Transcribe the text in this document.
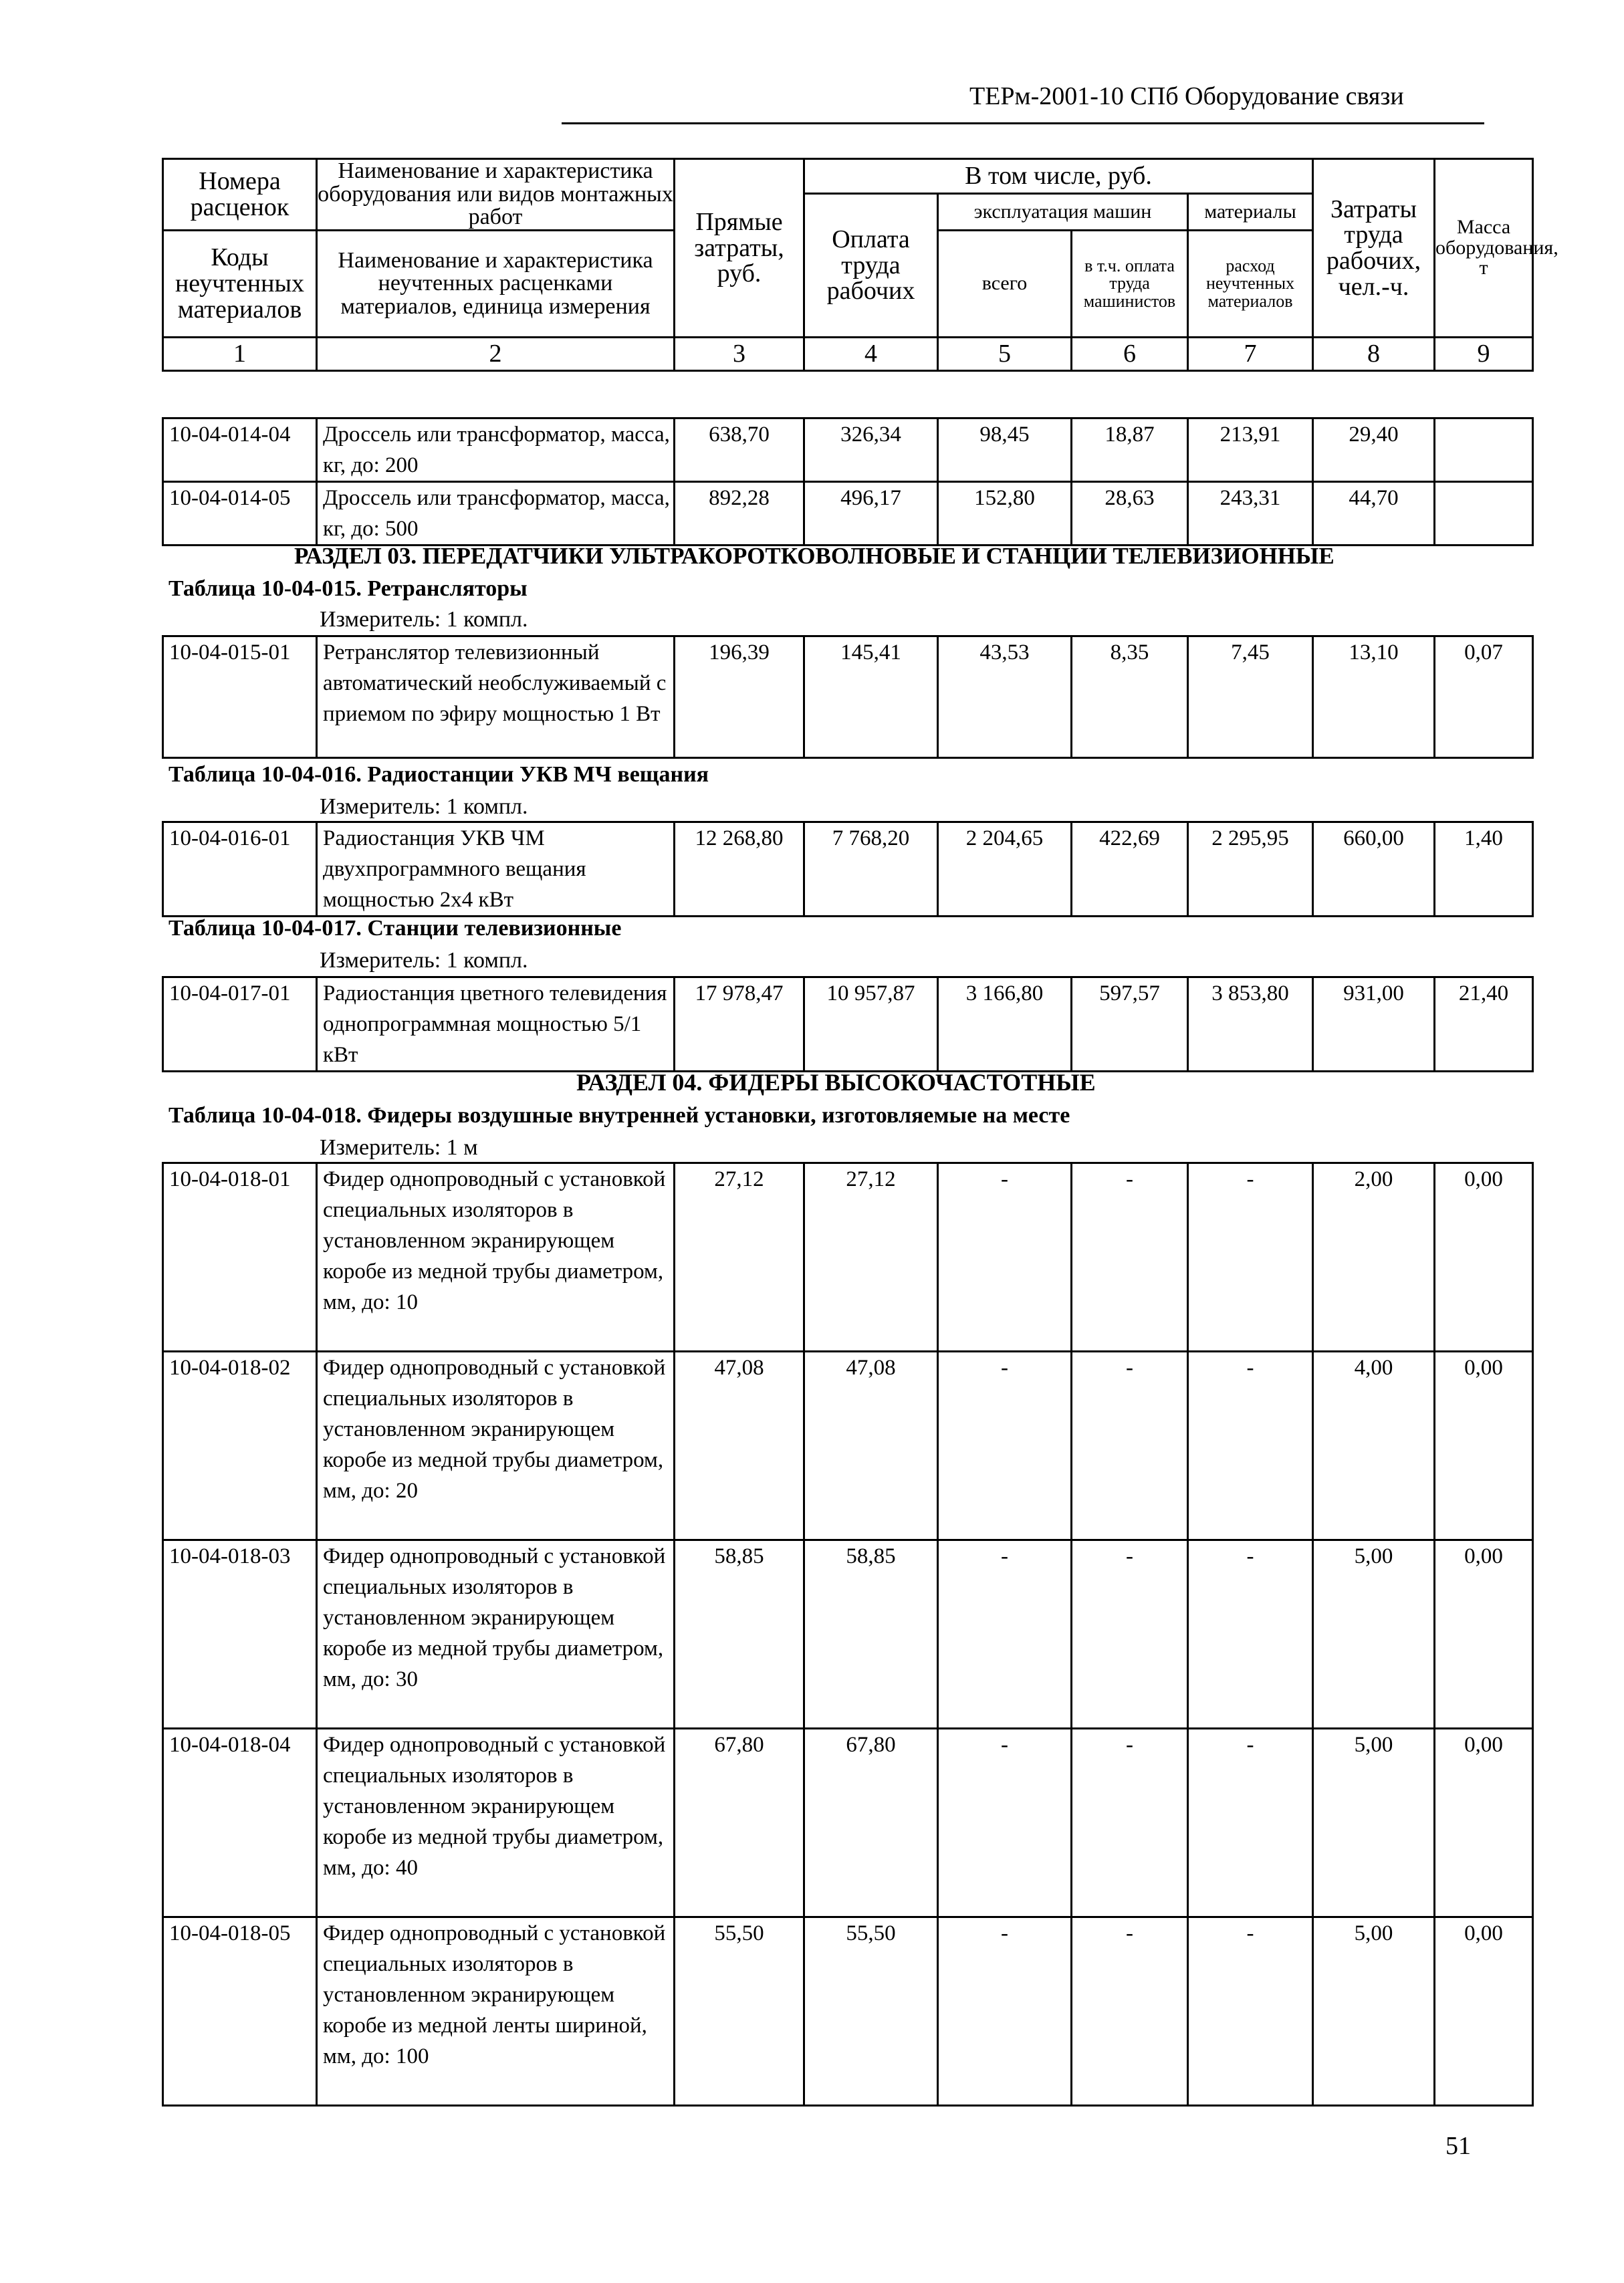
ТЕРм-2001-10 СПб Оборудование связи
Номера расценок	Наименование и характеристика оборудования или видов монтажных работ	Прямые затраты, руб.	В том числе, руб.				Затраты труда рабочих, чел.-ч.	Масса оборудования, т
			Оплата труда рабочих	эксплуатация машин		материалы		
Коды неучтенных материалов	Наименование и характеристика неучтенных расценками материалов, единица измерения			всего	в т.ч. оплата труда машинистов	расход неучтенных материалов		

1	2	3	4	5	6	7	8	9
10-04-014-04	Дроссель или трансформатор, масса, кг, до: 200	638,70	326,34	98,45	18,87	213,91	29,40	
10-04-014-05	Дроссель или трансформатор, масса, кг, до: 500	892,28	496,17	152,80	28,63	243,31	44,70	
РАЗДЕЛ 03. ПЕРЕДАТЧИКИ УЛЬТРАКОРОТКОВОЛНОВЫЕ И СТАНЦИИ ТЕЛЕВИЗИОННЫЕ
Таблица 10-04-015. Ретрансляторы
Измеритель: 1 компл.
10-04-015-01	Ретранслятор телевизионный автоматический необслуживаемый с приемом по эфиру мощностью 1 Вт	196,39	145,41	43,53	8,35	7,45	13,10	0,07
Таблица 10-04-016. Радиостанции УКВ МЧ вещания
Измеритель: 1 компл.
10-04-016-01	Радиостанция УКВ ЧМ двухпрограммного вещания мощностью 2х4 кВт	12 268,80	7 768,20	2 204,65	422,69	2 295,95	660,00	1,40
Таблица 10-04-017. Станции телевизионные
Измеритель: 1 компл.
10-04-017-01	Радиостанция цветного телевидения однопрограммная мощностью 5/1 кВт	17 978,47	10 957,87	3 166,80	597,57	3 853,80	931,00	21,40
РАЗДЕЛ 04. ФИДЕРЫ ВЫСОКОЧАСТОТНЫЕ
Таблица 10-04-018. Фидеры воздушные внутренней установки, изготовляемые на месте
Измеритель: 1 м
10-04-018-01	Фидер однопроводный с установкой специальных изоляторов в установленном экранирующем коробе из медной трубы диаметром, мм, до: 10	27,12	27,12	-	-	-	2,00	0,00
10-04-018-02	Фидер однопроводный с установкой специальных изоляторов в установленном экранирующем коробе из медной трубы диаметром, мм, до: 20	47,08	47,08	-	-	-	4,00	0,00
10-04-018-03	Фидер однопроводный с установкой специальных изоляторов в установленном экранирующем коробе из медной трубы диаметром, мм, до: 30	58,85	58,85	-	-	-	5,00	0,00
10-04-018-04	Фидер однопроводный с установкой специальных изоляторов в установленном экранирующем коробе из медной трубы диаметром, мм, до: 40	67,80	67,80	-	-	-	5,00	0,00
10-04-018-05	Фидер однопроводный с установкой специальных изоляторов в установленном экранирующем коробе из медной ленты шириной, мм, до: 100	55,50	55,50	-	-	-	5,00	0,00
51
